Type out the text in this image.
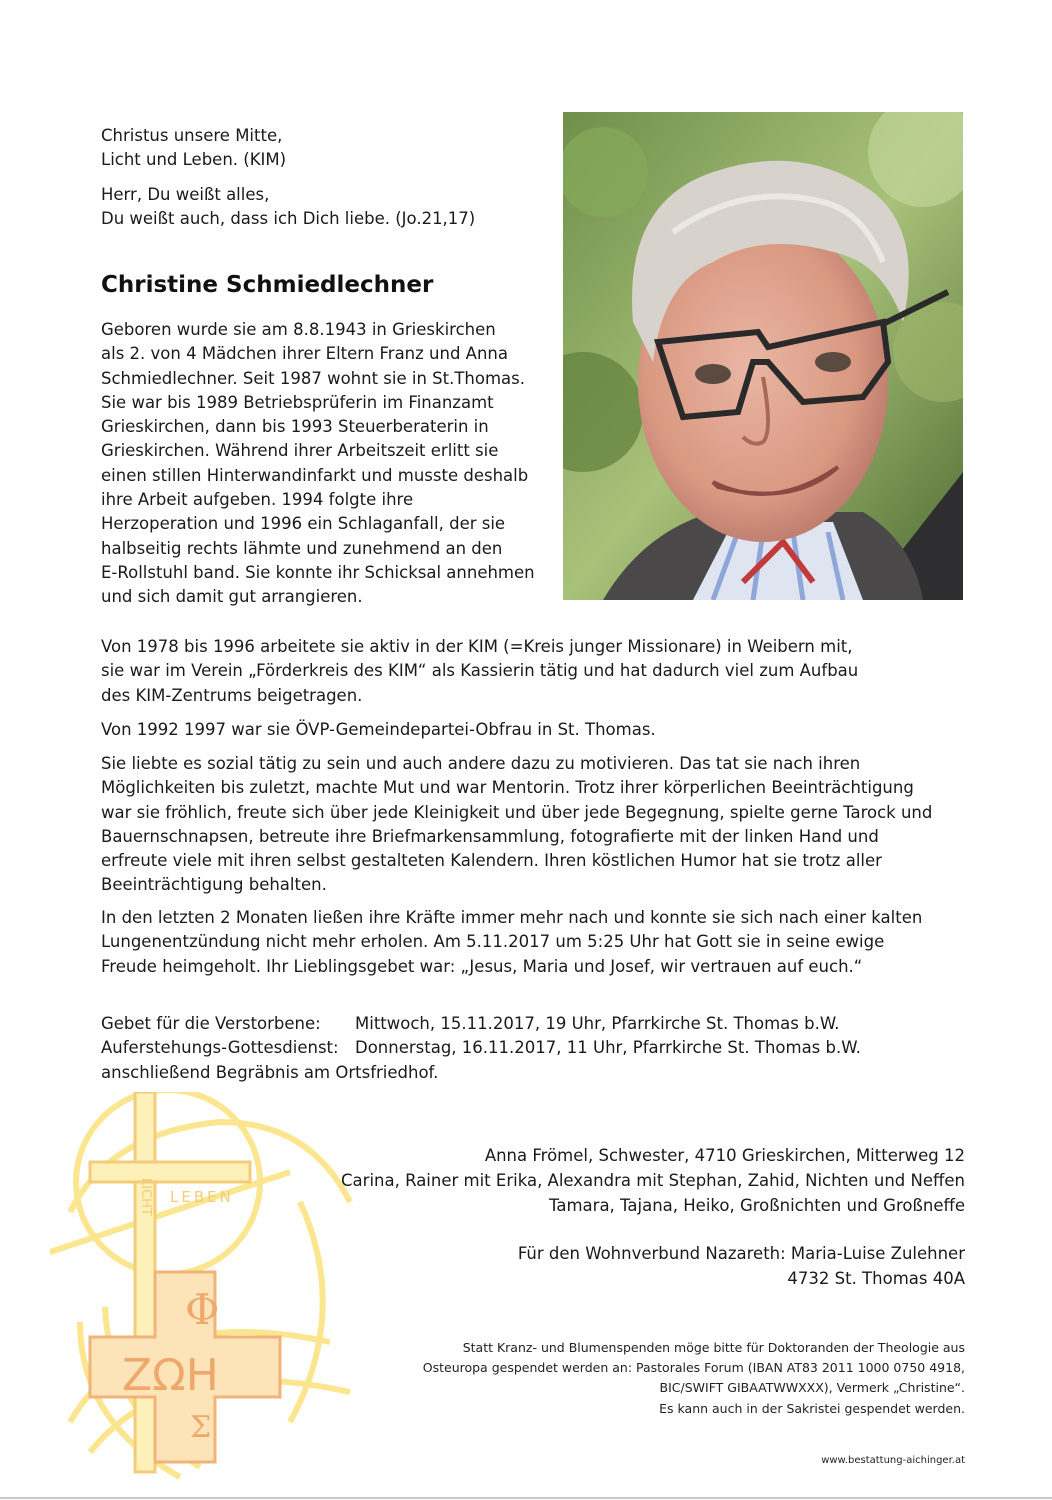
Christus unsere Mitte,
Licht und Leben. (KIM)
Herr, Du weißt alles,
Du weißt auch, dass ich Dich liebe. (Jo.21,17)
Christine Schmiedlechner
Geboren wurde sie am 8.8.1943 in Grieskirchen
als 2. von 4 Mädchen ihrer Eltern Franz und Anna
Schmiedlechner. Seit 1987 wohnt sie in St.Thomas.
Sie war bis 1989 Betriebsprüferin im Finanzamt
Grieskirchen, dann bis 1993 Steuerberaterin in
Grieskirchen. Während ihrer Arbeitszeit erlitt sie
einen stillen Hinterwandinfarkt und musste deshalb
ihre Arbeit aufgeben. 1994 folgte ihre
Herzoperation und 1996 ein Schlaganfall, der sie
halbseitig rechts lähmte und zunehmend an den
E-Rollstuhl band. Sie konnte ihr Schicksal annehmen
und sich damit gut arrangieren.
Von 1978 bis 1996 arbeitete sie aktiv in der KIM (=Kreis junger Missionare) in Weibern mit,
sie war im Verein „Förderkreis des KIM“ als Kassierin tätig und hat dadurch viel zum Aufbau
des KIM-Zentrums beigetragen.
Von 1992 1997 war sie ÖVP-Gemeindepartei-Obfrau in St. Thomas.
Sie liebte es sozial tätig zu sein und auch andere dazu zu motivieren. Das tat sie nach ihren
Möglichkeiten bis zuletzt, machte Mut und war Mentorin. Trotz ihrer körperlichen Beeinträchtigung
war sie fröhlich, freute sich über jede Kleinigkeit und über jede Begegnung, spielte gerne Tarock und
Bauernschnapsen, betreute ihre Briefmarkensammlung, fotografierte mit der linken Hand und
erfreute viele mit ihren selbst gestalteten Kalendern. Ihren köstlichen Humor hat sie trotz aller
Beeinträchtigung behalten.
In den letzten 2 Monaten ließen ihre Kräfte immer mehr nach und konnte sie sich nach einer kalten
Lungenentzündung nicht mehr erholen. Am 5.11.2017 um 5:25 Uhr hat Gott sie in seine ewige
Freude heimgeholt. Ihr Lieblingsgebet war: „Jesus, Maria und Josef, wir vertrauen auf euch.“
Gebet für die Verstorbene:	Mittwoch, 15.11.2017, 19 Uhr, Pfarrkirche St. Thomas b.W.
Auferstehungs-Gottesdienst: Donnerstag, 16.11.2017, 11 Uhr, Pfarrkirche St. Thomas b.W.
anschließend Begräbnis am Ortsfriedhof.
LEBEN
LICHT
Φ
ZΩH
Σ
Anna Frömel, Schwester, 4710 Grieskirchen, Mitterweg 12
Carina, Rainer mit Erika, Alexandra mit Stephan, Zahid, Nichten und Neffen
Tamara, Tajana, Heiko, Großnichten und Großneffe
Für den Wohnverbund Nazareth: Maria-Luise Zulehner
4732 St. Thomas 40A
Statt Kranz- und Blumenspenden möge bitte für Doktoranden der Theologie aus
Osteuropa gespendet werden an: Pastorales Forum (IBAN AT83 2011 1000 0750 4918,
BIC/SWIFT GIBAATWWXXX), Vermerk „Christine“.
Es kann auch in der Sakristei gespendet werden.
www.bestattung-aichinger.at
